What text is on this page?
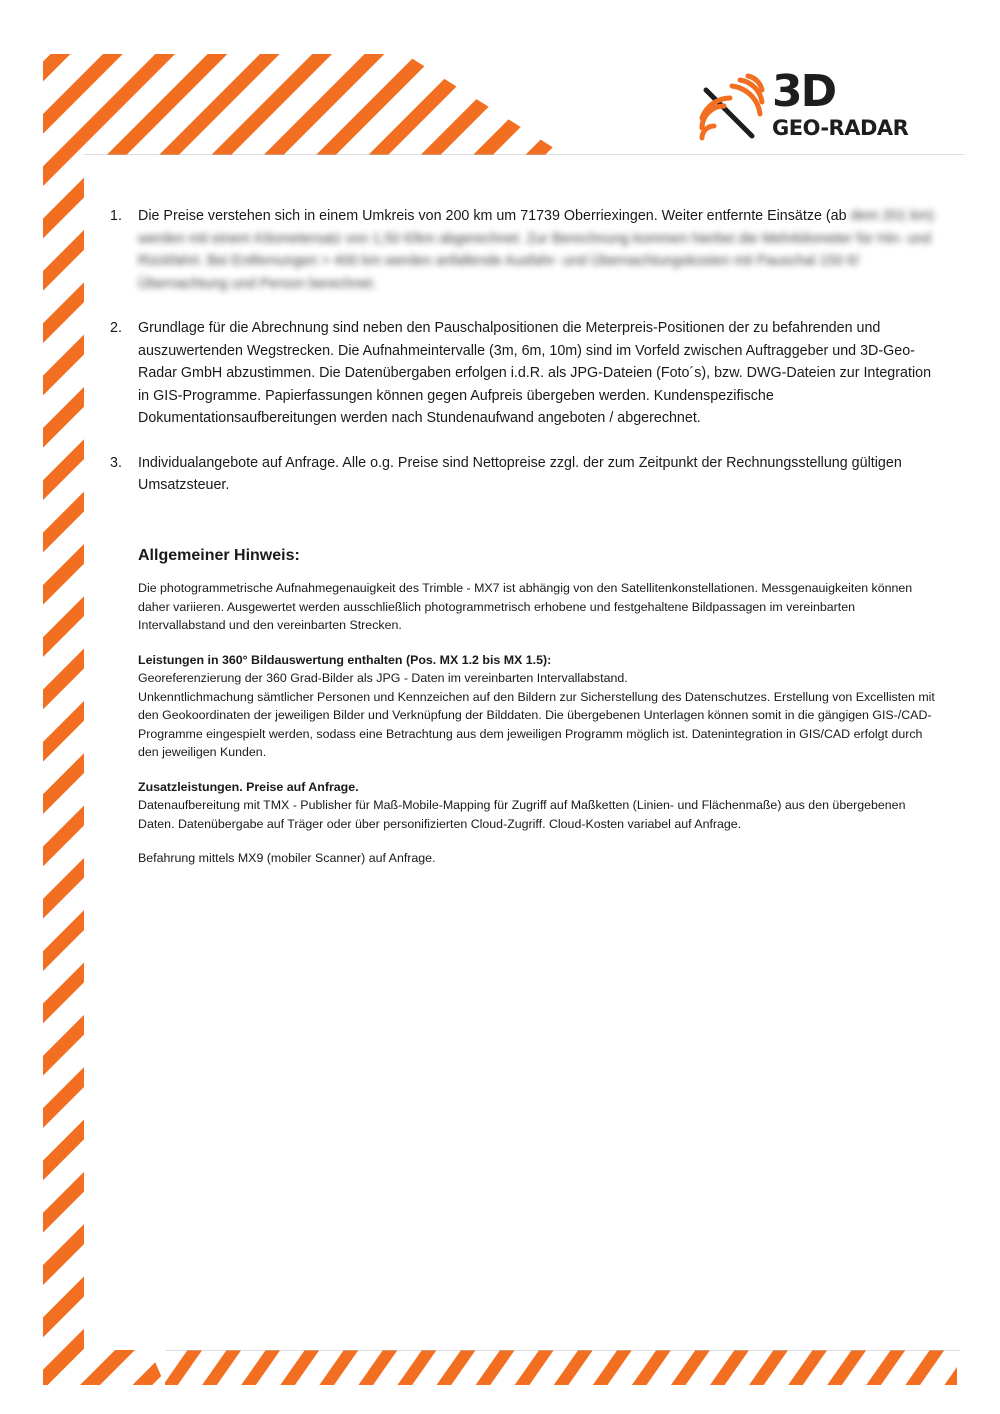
3D
GEO-RADAR
1. Die Preise verstehen sich in einem Umkreis von 200 km um 71739 Oberriexingen. Weiter entfernte Einsätze (ab dem 201 km) werden mit einem Kilometersatz von 1,50 €/km abgerechnet. Zur Berechnung kommen hierbei die Mehrkilometer für Hin- und Rückfahrt. Bei Entfernungen > 400 km werden anfallende Ausfahr- und Übernachtungskosten mit Pauschal 150 €/Übernachtung und Person berechnet.
2. Grundlage für die Abrechnung sind neben den Pauschalpositionen die Meterpreis-Positionen der zu befahrenden und auszuwertenden Wegstrecken. Die Aufnahmeintervalle (3m, 6m, 10m) sind im Vorfeld zwischen Auftraggeber und 3D-Geo-Radar GmbH abzustimmen. Die Datenübergaben erfolgen i.d.R. als JPG-Dateien (Foto´s), bzw. DWG-Dateien zur Integration in GIS-Programme. Papierfassungen können gegen Aufpreis übergeben werden. Kundenspezifische Dokumentationsaufbereitungen werden nach Stundenaufwand angeboten / abgerechnet.
3. Individualangebote auf Anfrage. Alle o.g. Preise sind Nettopreise zzgl. der zum Zeitpunkt der Rechnungsstellung gültigen Umsatzsteuer.
Allgemeiner Hinweis:

Die photogrammetrische Aufnahmegenauigkeit des Trimble - MX7 ist abhängig von den Satellitenkonstellationen. Messgenauigkeiten können daher variieren. Ausgewertet werden ausschließlich photogrammetrisch erhobene und festgehaltene Bildpassagen im vereinbarten Intervallabstand und den vereinbarten Strecken.

Leistungen in 360° Bildauswertung enthalten (Pos. MX 1.2 bis MX 1.5):
Georeferenzierung der 360 Grad-Bilder als JPG - Daten im vereinbarten Intervallabstand.
Unkenntlichmachung sämtlicher Personen und Kennzeichen auf den Bildern zur Sicherstellung des Datenschutzes. Erstellung von Excellisten mit den Geokoordinaten der jeweiligen Bilder und Verknüpfung der Bilddaten. Die übergebenen Unterlagen können somit in die gängigen GIS-/CAD-Programme eingespielt werden, sodass eine Betrachtung aus dem jeweiligen Programm möglich ist. Datenintegration in GIS/CAD erfolgt durch den jeweiligen Kunden.

Zusatzleistungen. Preise auf Anfrage.
Datenaufbereitung mit TMX - Publisher für Maß-Mobile-Mapping für Zugriff auf Maßketten (Linien- und Flächenmaße) aus den übergebenen Daten. Datenübergabe auf Träger oder über personifizierten Cloud-Zugriff. Cloud-Kosten variabel auf Anfrage.

Befahrung mittels MX9 (mobiler Scanner) auf Anfrage.
